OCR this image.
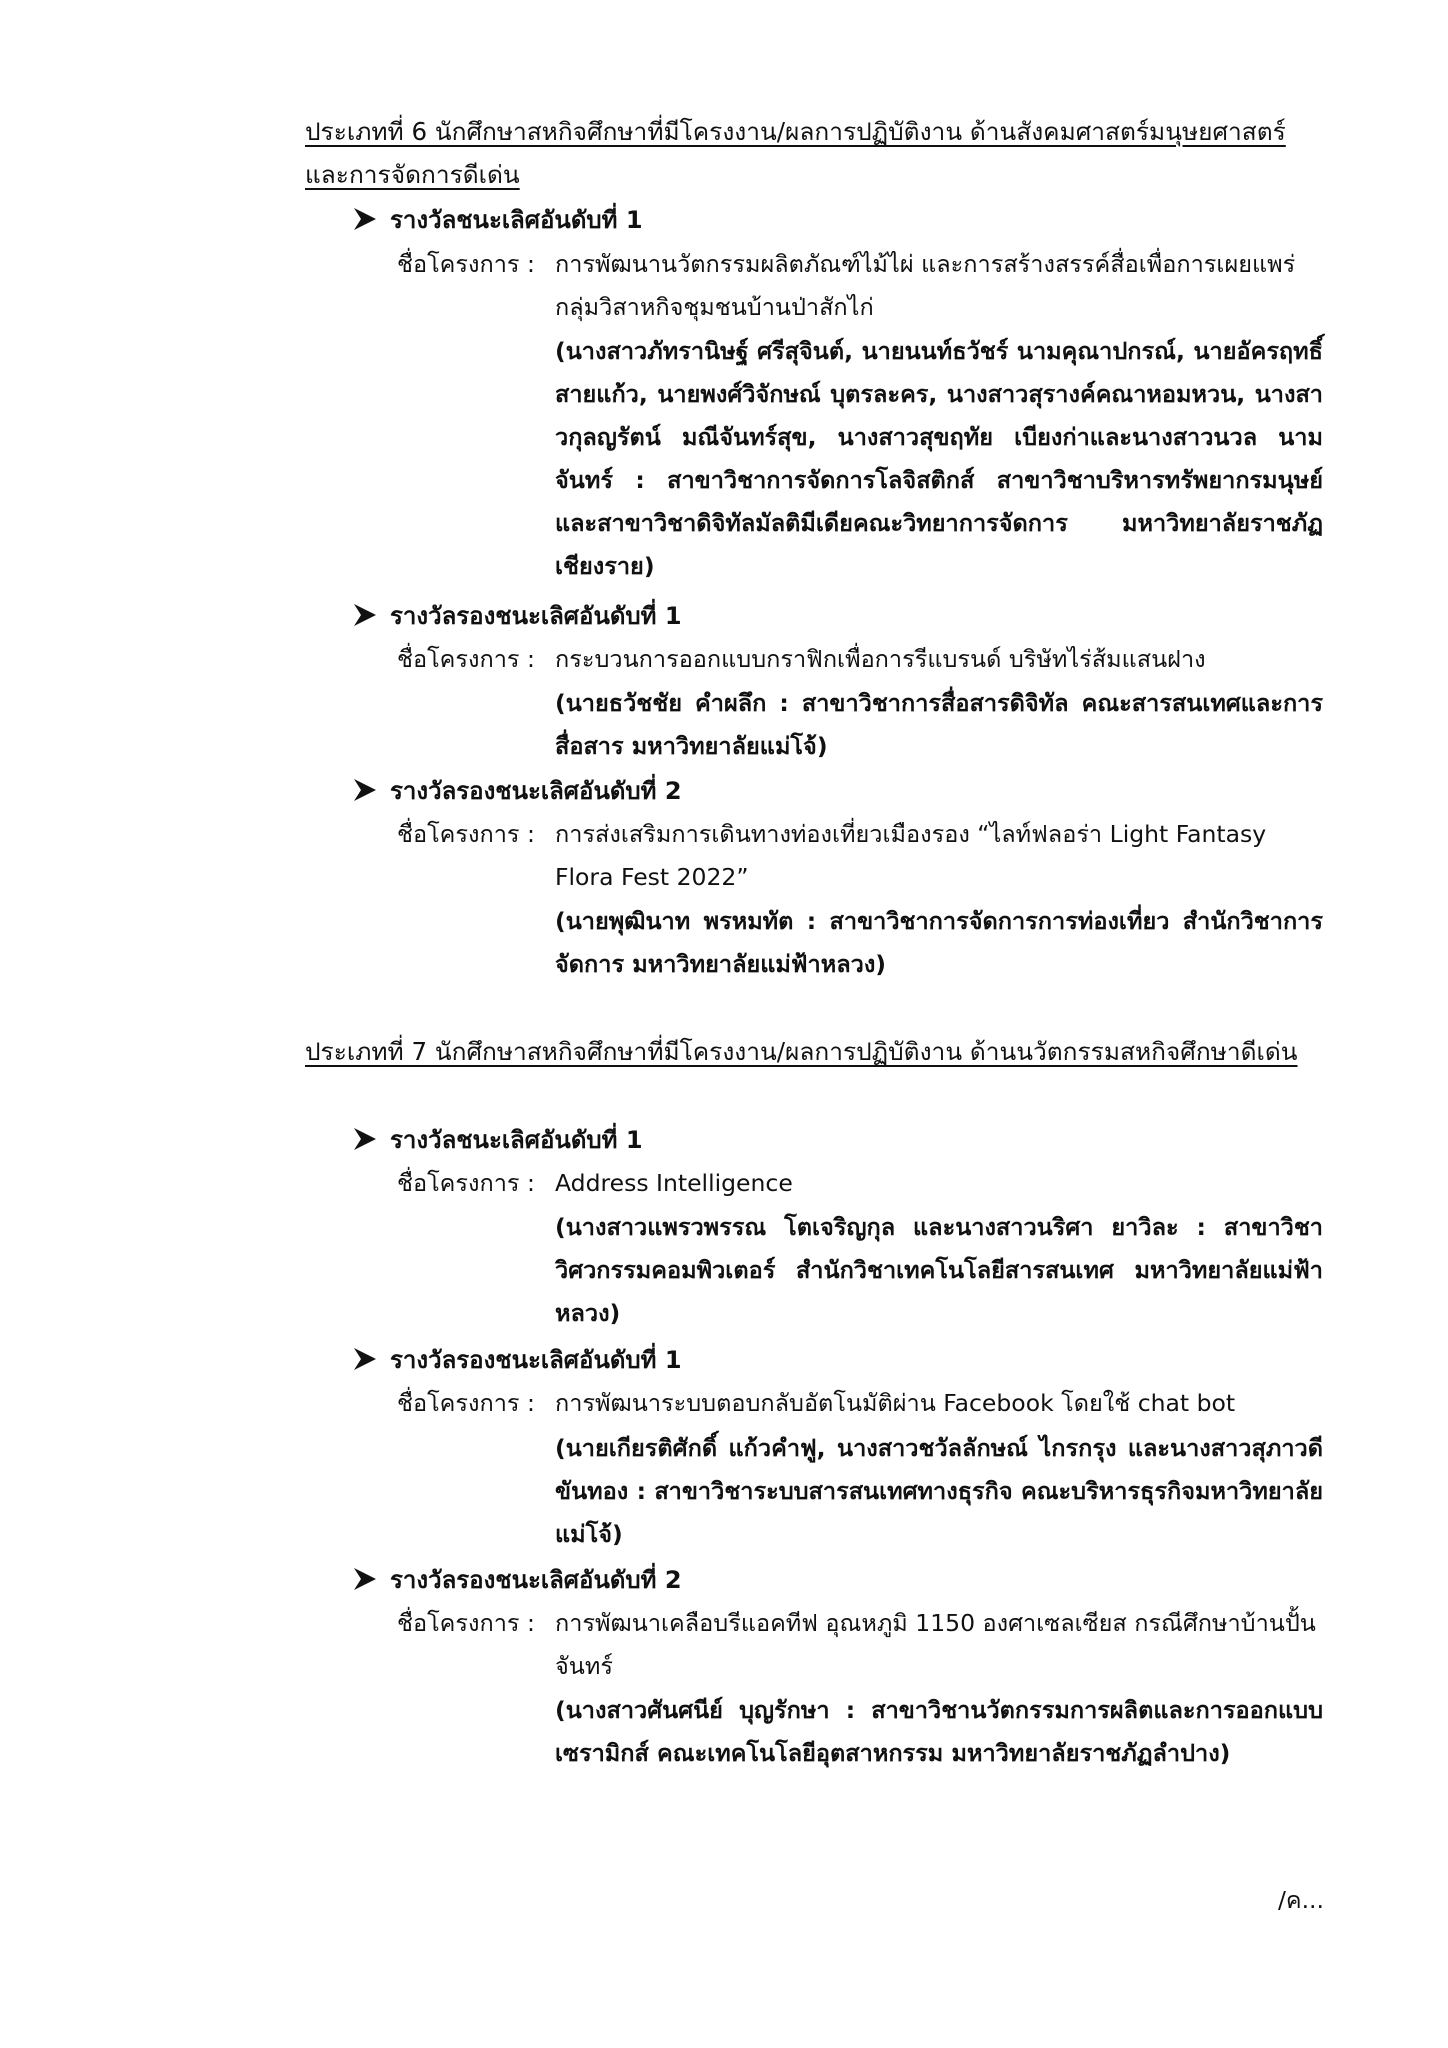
ประเภทที่ 6 นักศึกษาสหกิจศึกษาที่มีโครงงาน/ผลการปฏิบัติงาน ด้านสังคมศาสตร์มนุษยศาสตร์และการจัดการดีเด่น
รางวัลชนะเลิศอันดับที่ 1
ชื่อโครงการ : การพัฒนานวัตกรรมผลิตภัณฑ์ไม้ไผ่ และการสร้างสรรค์สื่อเพื่อการเผยแพร่กลุ่มวิสาหกิจชุมชนบ้านป่าสักไก่
(นางสาวภัทรานิษฐ์ ศรีสุจินต์, นายนนท์ธวัชร์ นามคุณาปกรณ์, นายอัครฤทธิ์ สายแก้ว, นายพงศ์วิจักษณ์ บุตรละคร, นางสาวสุรางค์คณาหอมหวน, นางสาวกุลญรัตน์ มณีจันทร์สุข, นางสาวสุขฤทัย เบียงก่าและนางสาวนวล นามจันทร์ : สาขาวิชาการจัดการโลจิสติกส์ สาขาวิชาบริหารทรัพยากรมนุษย์ และสาขาวิชาดิจิทัลมัลติมีเดียคณะวิทยาการจัดการ มหาวิทยาลัยราชภัฏเชียงราย)
รางวัลรองชนะเลิศอันดับที่ 1
ชื่อโครงการ : กระบวนการออกแบบกราฟิกเพื่อการรีแบรนด์ บริษัทไร่ส้มแสนฝาง
(นายธวัชชัย คำผลึก : สาขาวิชาการสื่อสารดิจิทัล คณะสารสนเทศและการสื่อสาร มหาวิทยาลัยแม่โจ้)
รางวัลรองชนะเลิศอันดับที่ 2
ชื่อโครงการ : การส่งเสริมการเดินทางท่องเที่ยวเมืองรอง “ไลท์ฟลอร่า Light Fantasy Flora Fest 2022”
(นายพุฒินาท พรหมทัต : สาขาวิชาการจัดการการท่องเที่ยว สำนักวิชาการจัดการ มหาวิทยาลัยแม่ฟ้าหลวง)
ประเภทที่ 7 นักศึกษาสหกิจศึกษาที่มีโครงงาน/ผลการปฏิบัติงาน ด้านนวัตกรรมสหกิจศึกษาดีเด่น
รางวัลชนะเลิศอันดับที่ 1
ชื่อโครงการ : Address Intelligence
(นางสาวแพรวพรรณ โตเจริญกุล และนางสาวนริศา ยาวิละ : สาขาวิชาวิศวกรรมคอมพิวเตอร์ สำนักวิชาเทคโนโลยีสารสนเทศ มหาวิทยาลัยแม่ฟ้าหลวง)
รางวัลรองชนะเลิศอันดับที่ 1
ชื่อโครงการ : การพัฒนาระบบตอบกลับอัตโนมัติผ่าน Facebook โดยใช้ chat bot
(นายเกียรติศักดิ์ แก้วคำฟู, นางสาวชวัลลักษณ์ ไกรกรุง และนางสาวสุภาวดี ขันทอง : สาขาวิชาระบบสารสนเทศทางธุรกิจ คณะบริหารธุรกิจมหาวิทยาลัยแม่โจ้)
รางวัลรองชนะเลิศอันดับที่ 2
ชื่อโครงการ : การพัฒนาเคลือบรีแอคทีฟ อุณหภูมิ 1150 องศาเซลเซียส กรณีศึกษาบ้านปั้นจันทร์
(นางสาวศันศนีย์ บุญรักษา : สาขาวิชานวัตกรรมการผลิตและการออกแบบเซรามิกส์ คณะเทคโนโลยีอุตสาหกรรม มหาวิทยาลัยราชภัฏลำปาง)
/ค...
